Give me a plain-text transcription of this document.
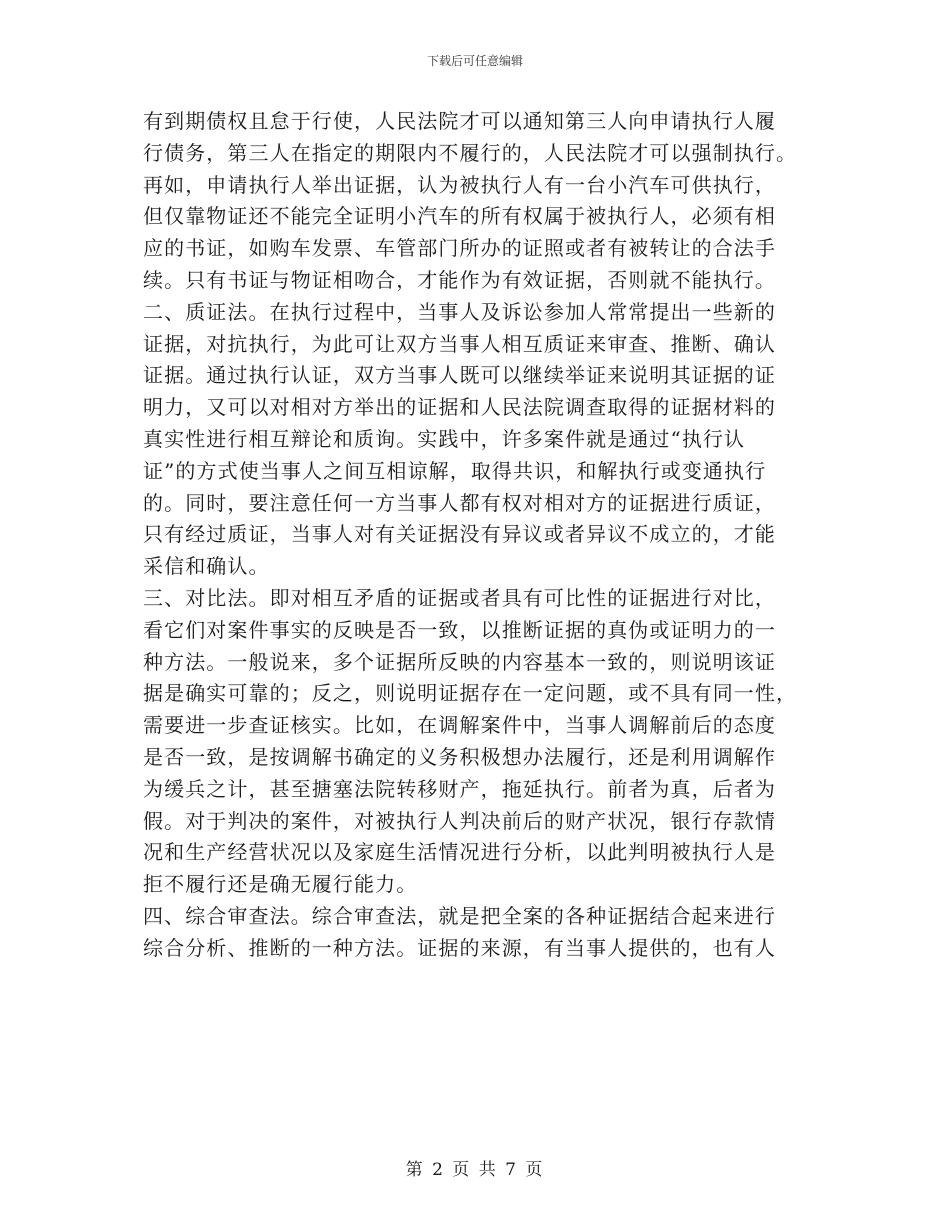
下载后可任意编辑
有到期债权且怠于行使，人民法院才可以通知第三人向申请执行人履
行债务，第三人在指定的期限内不履行的，人民法院才可以强制执行。
再如，申请执行人举出证据，认为被执行人有一台小汽车可供执行，
但仅靠物证还不能完全证明小汽车的所有权属于被执行人，必须有相
应的书证，如购车发票、车管部门所办的证照或者有被转让的合法手
续。只有书证与物证相吻合，才能作为有效证据，否则就不能执行。
二、质证法。在执行过程中，当事人及诉讼参加人常常提出一些新的
证据，对抗执行，为此可让双方当事人相互质证来审查、推断、确认
证据。通过执行认证，双方当事人既可以继续举证来说明其证据的证
明力，又可以对相对方举出的证据和人民法院调查取得的证据材料的
真实性进行相互辩论和质询。实践中，许多案件就是通过“执行认
证”的方式使当事人之间互相谅解，取得共识，和解执行或变通执行
的。同时，要注意任何一方当事人都有权对相对方的证据进行质证，
只有经过质证，当事人对有关证据没有异议或者异议不成立的，才能
采信和确认。
三、对比法。即对相互矛盾的证据或者具有可比性的证据进行对比，
看它们对案件事实的反映是否一致，以推断证据的真伪或证明力的一
种方法。一般说来，多个证据所反映的内容基本一致的，则说明该证
据是确实可靠的；反之，则说明证据存在一定问题，或不具有同一性，
需要进一步查证核实。比如，在调解案件中，当事人调解前后的态度
是否一致，是按调解书确定的义务积极想办法履行，还是利用调解作
为缓兵之计，甚至搪塞法院转移财产，拖延执行。前者为真，后者为
假。对于判决的案件，对被执行人判决前后的财产状况，银行存款情
况和生产经营状况以及家庭生活情况进行分析，以此判明被执行人是
拒不履行还是确无履行能力。
四、综合审查法。综合审查法，就是把全案的各种证据结合起来进行
综合分析、推断的一种方法。证据的来源，有当事人提供的，也有人
第 2 页 共 7 页
